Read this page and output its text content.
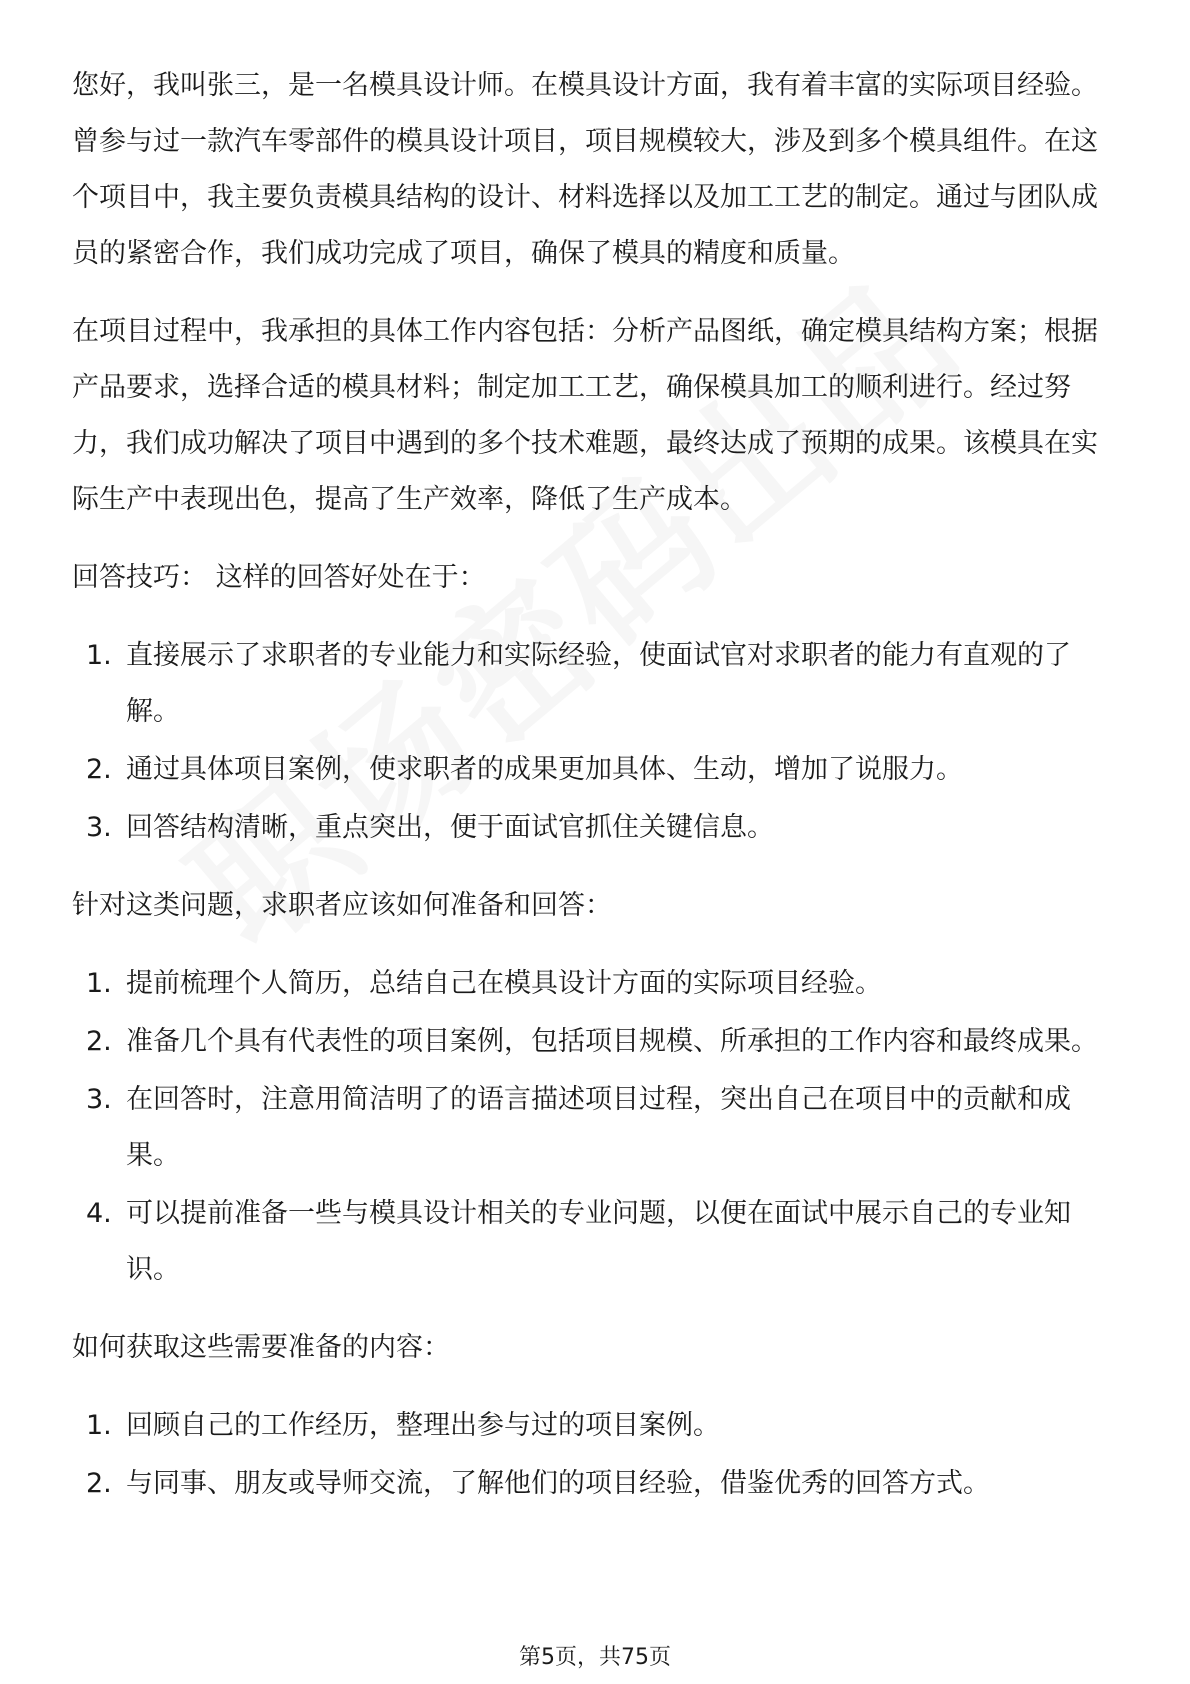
您好，我叫张三，是一名模具设计师。在模具设计方面，我有着丰富的实际项目经验。曾参与过一款汽车零部件的模具设计项目，项目规模较大，涉及到多个模具组件。在这个项目中，我主要负责模具结构的设计、材料选择以及加工工艺的制定。通过与团队成员的紧密合作，我们成功完成了项目，确保了模具的精度和质量。

在项目过程中，我承担的具体工作内容包括：分析产品图纸，确定模具结构方案；根据产品要求，选择合适的模具材料；制定加工工艺，确保模具加工的顺利进行。经过努力，我们成功解决了项目中遇到的多个技术难题，最终达成了预期的成果。该模具在实际生产中表现出色，提高了生产效率，降低了生产成本。

回答技巧： 这样的回答好处在于：
1. 直接展示了求职者的专业能力和实际经验，使面试官对求职者的能力有直观的了解。
2. 通过具体项目案例，使求职者的成果更加具体、生动，增加了说服力。
3. 回答结构清晰，重点突出，便于面试官抓住关键信息。
针对这类问题，求职者应该如何准备和回答：
1. 提前梳理个人简历，总结自己在模具设计方面的实际项目经验。
2. 准备几个具有代表性的项目案例，包括项目规模、所承担的工作内容和最终成果。
3. 在回答时，注意用简洁明了的语言描述项目过程，突出自己在项目中的贡献和成果。
4. 可以提前准备一些与模具设计相关的专业问题，以便在面试中展示自己的专业知识。
如何获取这些需要准备的内容：
1. 回顾自己的工作经历，整理出参与过的项目案例。
2. 与同事、朋友或导师交流，了解他们的项目经验，借鉴优秀的回答方式。
第5页，共75页
